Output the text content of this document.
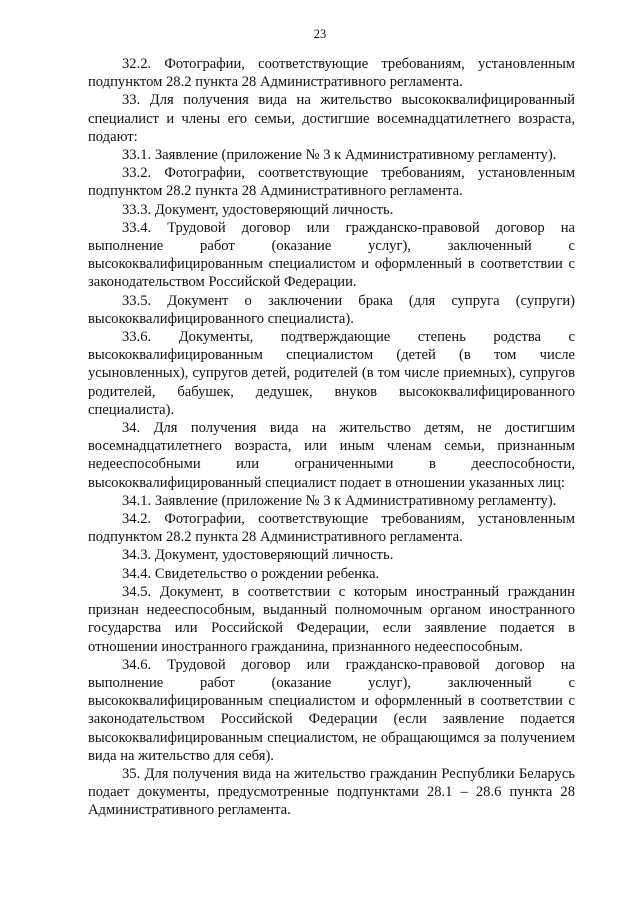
23

32.2. Фотографии, соответствующие требованиям, установленным подпунктом 28.2 пункта 28 Административного регламента.

33. Для получения вида на жительство высококвалифицированный специалист и члены его семьи, достигшие восемнадцатилетнего возраста, подают:

33.1. Заявление (приложение № 3 к Административному регламенту).

33.2. Фотографии, соответствующие требованиям, установленным подпунктом 28.2 пункта 28 Административного регламента.

33.3. Документ, удостоверяющий личность.

33.4. Трудовой договор или гражданско-правовой договор на выполнение работ (оказание услуг), заключенный с высококвалифицированным специалистом и оформленный в соответствии с законодательством Российской Федерации.

33.5. Документ о заключении брака (для супруга (супруги) высококвалифицированного специалиста).

33.6. Документы, подтверждающие степень родства с высококвалифицированным специалистом (детей (в том числе усыновленных), супругов детей, родителей (в том числе приемных), супругов родителей, бабушек, дедушек, внуков высококвалифицированного специалиста).

34. Для получения вида на жительство детям, не достигшим восемнадцатилетнего возраста, или иным членам семьи, признанным недееспособными или ограниченными в дееспособности, высококвалифицированный специалист подает в отношении указанных лиц:

34.1. Заявление (приложение № 3 к Административному регламенту).

34.2. Фотографии, соответствующие требованиям, установленным подпунктом 28.2 пункта 28 Административного регламента.

34.3. Документ, удостоверяющий личность.

34.4. Свидетельство о рождении ребенка.

34.5. Документ, в соответствии с которым иностранный гражданин признан недееспособным, выданный полномочным органом иностранного государства или Российской Федерации, если заявление подается в отношении иностранного гражданина, признанного недееспособным.

34.6. Трудовой договор или гражданско-правовой договор на выполнение работ (оказание услуг), заключенный с высококвалифицированным специалистом и оформленный в соответствии с законодательством Российской Федерации (если заявление подается высококвалифицированным специалистом, не обращающимся за получением вида на жительство для себя).

35. Для получения вида на жительство гражданин Республики Беларусь подает документы, предусмотренные подпунктами 28.1 – 28.6 пункта 28 Административного регламента.
